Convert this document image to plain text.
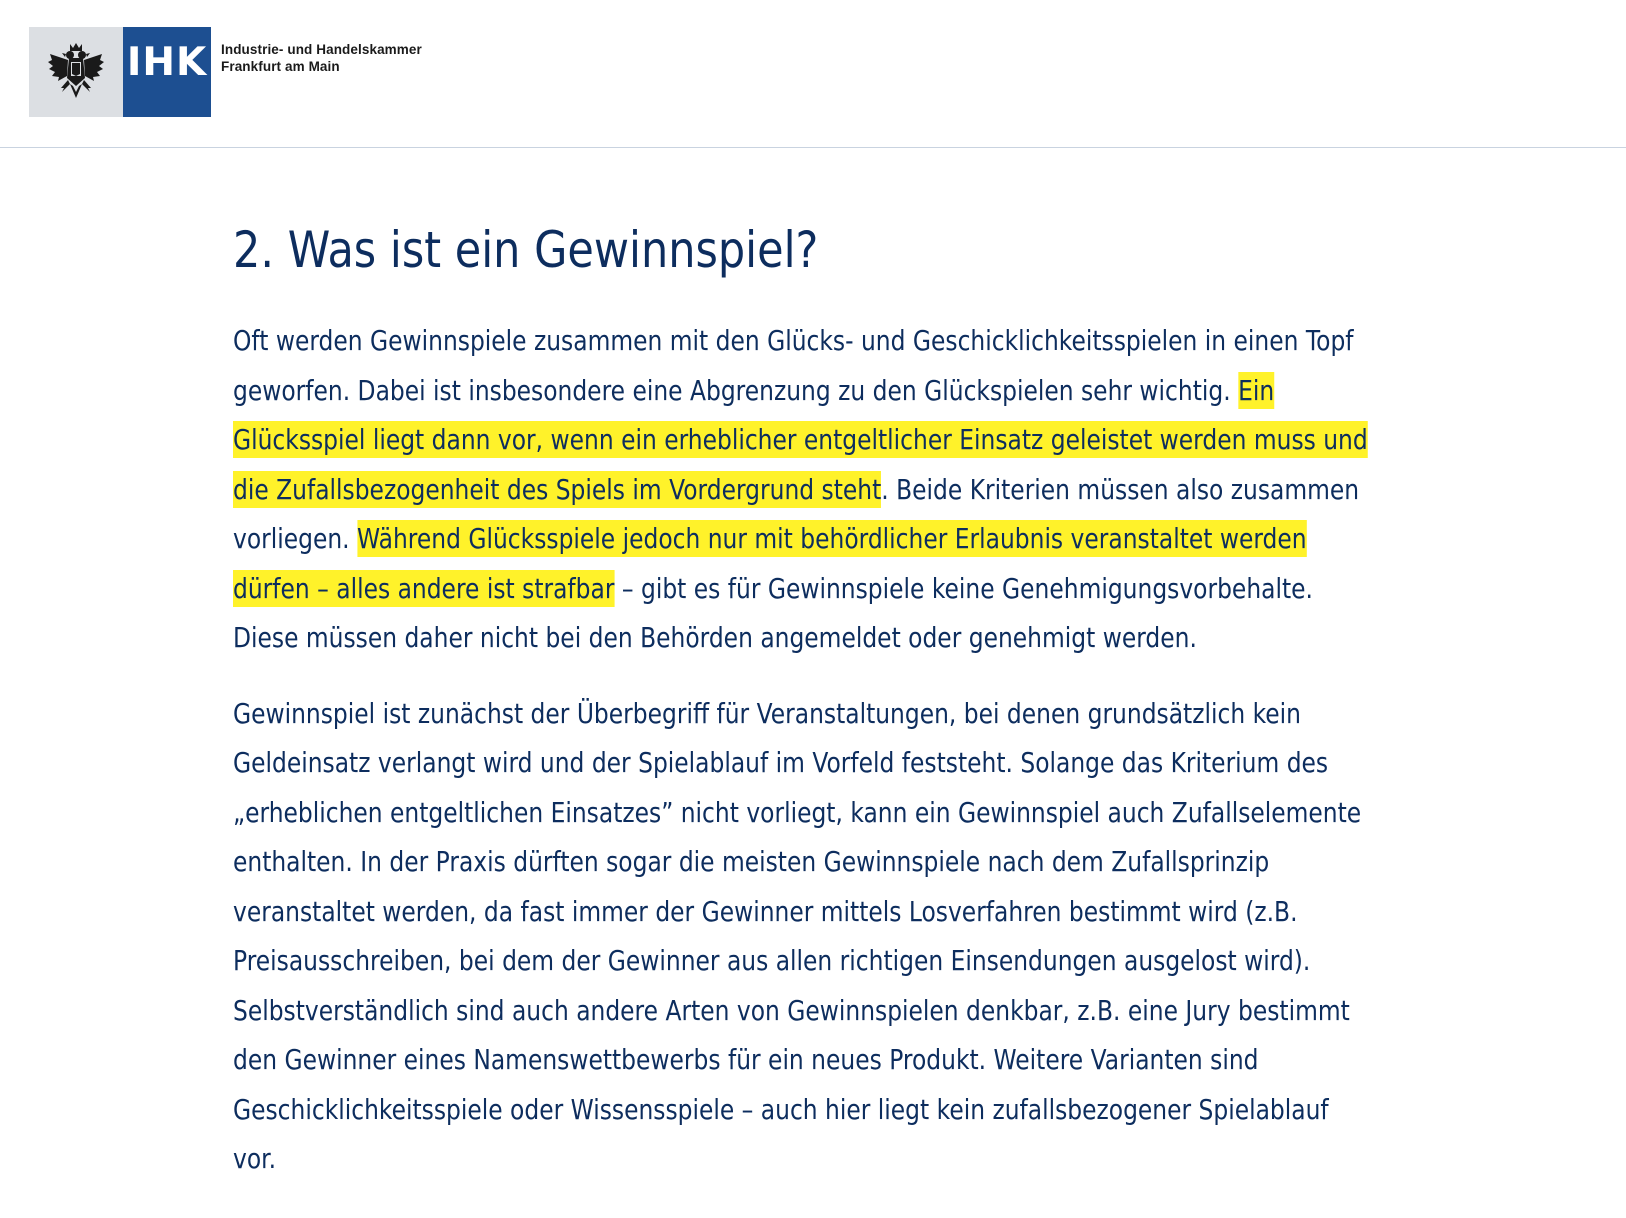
IHK Industrie- und Handelskammer
Frankfurt am Main
2. Was ist ein Gewinnspiel?

Oft werden Gewinnspiele zusammen mit den Glücks- und Geschicklichkeitsspielen in einen Topf
geworfen. Dabei ist insbesondere eine Abgrenzung zu den Glückspielen sehr wichtig. Ein
Glücksspiel liegt dann vor, wenn ein erheblicher entgeltlicher Einsatz geleistet werden muss und
die Zufallsbezogenheit des Spiels im Vordergrund steht. Beide Kriterien müssen also zusammen
vorliegen. Während Glücksspiele jedoch nur mit behördlicher Erlaubnis veranstaltet werden
dürfen – alles andere ist strafbar – gibt es für Gewinnspiele keine Genehmigungsvorbehalte.
Diese müssen daher nicht bei den Behörden angemeldet oder genehmigt werden.

Gewinnspiel ist zunächst der Überbegriff für Veranstaltungen, bei denen grundsätzlich kein
Geldeinsatz verlangt wird und der Spielablauf im Vorfeld feststeht. Solange das Kriterium des
„erheblichen entgeltlichen Einsatzes” nicht vorliegt, kann ein Gewinnspiel auch Zufallselemente
enthalten. In der Praxis dürften sogar die meisten Gewinnspiele nach dem Zufallsprinzip
veranstaltet werden, da fast immer der Gewinner mittels Losverfahren bestimmt wird (z.B.
Preisausschreiben, bei dem der Gewinner aus allen richtigen Einsendungen ausgelost wird).
Selbstverständlich sind auch andere Arten von Gewinnspielen denkbar, z.B. eine Jury bestimmt
den Gewinner eines Namenswettbewerbs für ein neues Produkt. Weitere Varianten sind
Geschicklichkeitsspiele oder Wissensspiele – auch hier liegt kein zufallsbezogener Spielablauf
vor.
